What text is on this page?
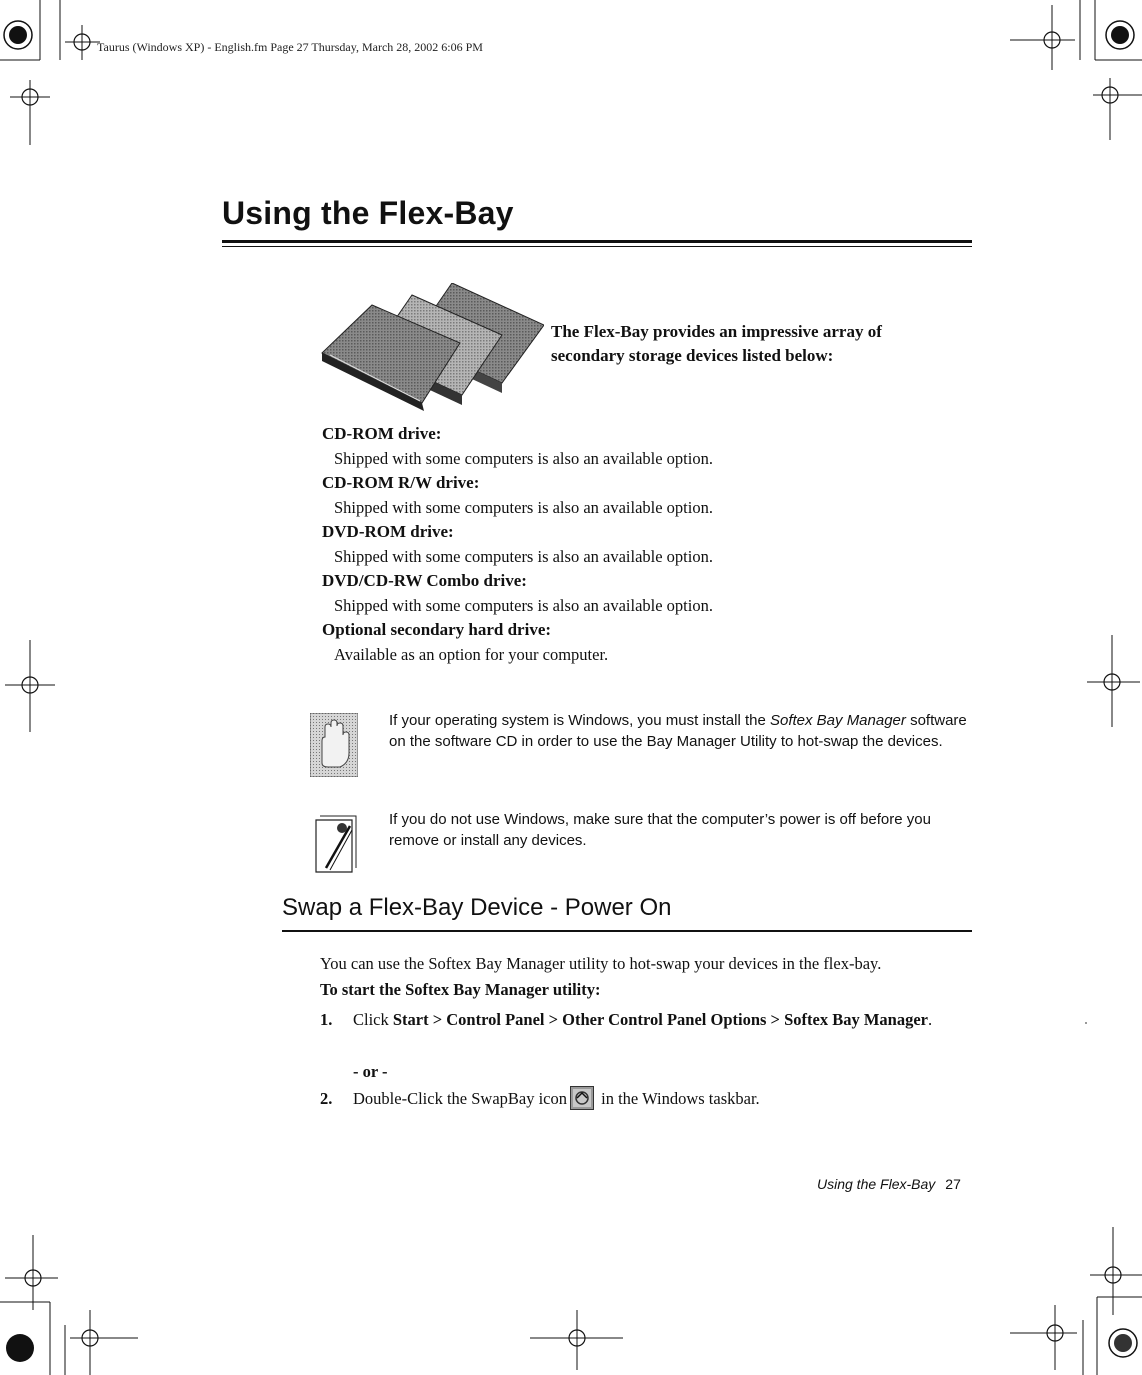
Taurus (Windows XP) - English.fm Page 27 Thursday, March 28, 2002 6:06 PM
Using the Flex-Bay
The Flex-Bay provides an impressive array of secondary storage devices listed below:
CD-ROM drive:
Shipped with some computers is also an available option.
CD-ROM R/W drive:
Shipped with some computers is also an available option.
DVD-ROM drive:
Shipped with some computers is also an available option.
DVD/CD-RW Combo drive:
Shipped with some computers is also an available option.
Optional secondary hard drive:
Available as an option for your computer.
If your operating system is Windows, you must install the Softex Bay Manager software on the software CD in order to use the Bay Manager Utility to hot-swap the devices.
If you do not use Windows, make sure that the computer’s power is off before you remove or install any devices.
Swap a Flex-Bay Device - Power On
You can use the Softex Bay Manager utility to hot-swap your devices in the flex-bay.
To start the Softex Bay Manager utility:
1. Click Start > Control Panel > Other Control Panel Options > Softex Bay Manager.
- or -
2. Double-Click the SwapBay icon in the Windows taskbar.
Using the Flex-Bay 27
